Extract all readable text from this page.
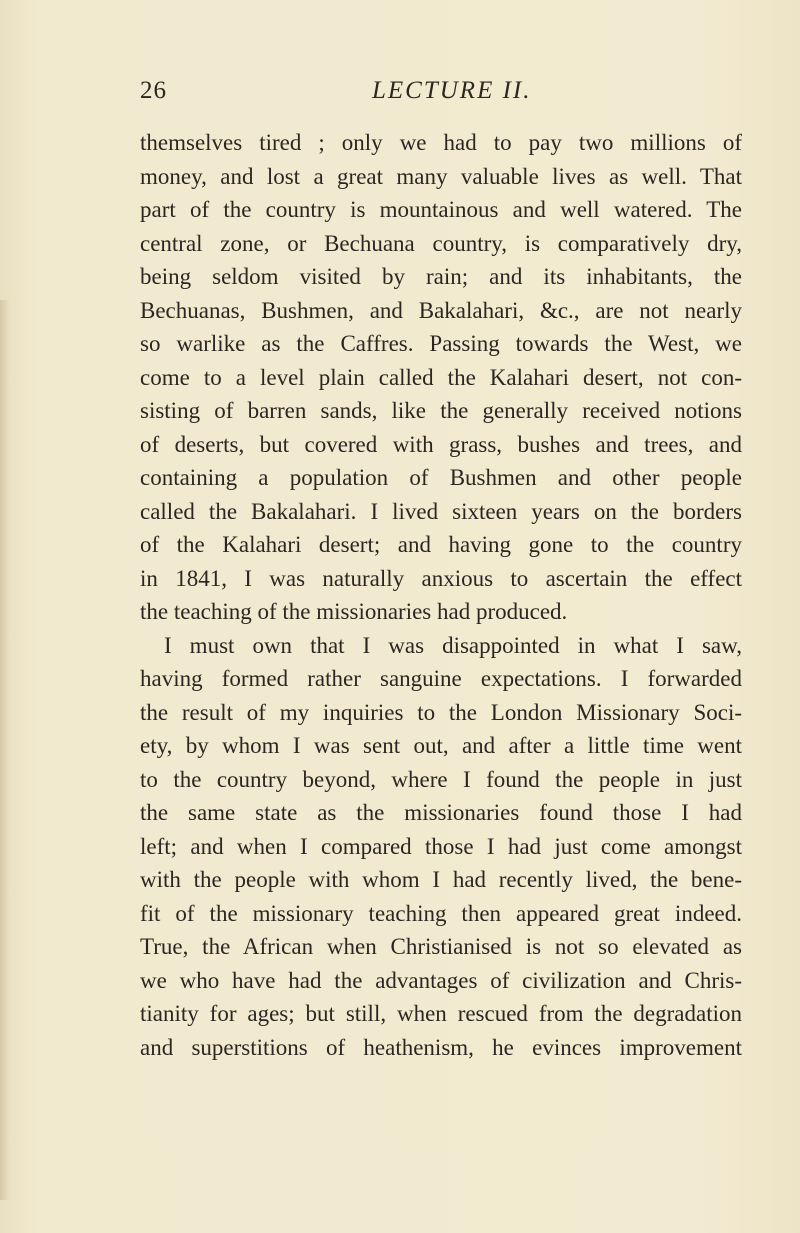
26	LECTURE II.
themselves tired ; only we had to pay two millions of
money, and lost a great many valuable lives as well. That
part of the country is mountainous and well watered. The
central zone, or Bechuana country, is comparatively dry,
being seldom visited by rain; and its inhabitants, the
Bechuanas, Bushmen, and Bakalahari, &c., are not nearly
so warlike as the Caffres. Passing towards the West, we
come to a level plain called the Kalahari desert, not con-
sisting of barren sands, like the generally received notions
of deserts, but covered with grass, bushes and trees, and
containing a population of Bushmen and other people
called the Bakalahari. I lived sixteen years on the borders
of the Kalahari desert; and having gone to the country
in 1841, I was naturally anxious to ascertain the effect
the teaching of the missionaries had produced.
I must own that I was disappointed in what I saw,
having formed rather sanguine expectations. I forwarded
the result of my inquiries to the London Missionary Soci-
ety, by whom I was sent out, and after a little time went
to the country beyond, where I found the people in just
the same state as the missionaries found those I had
left; and when I compared those I had just come amongst
with the people with whom I had recently lived, the bene-
fit of the missionary teaching then appeared great indeed.
True, the African when Christianised is not so elevated as
we who have had the advantages of civilization and Chris-
tianity for ages; but still, when rescued from the degradation
and superstitions of heathenism, he evinces improvement
